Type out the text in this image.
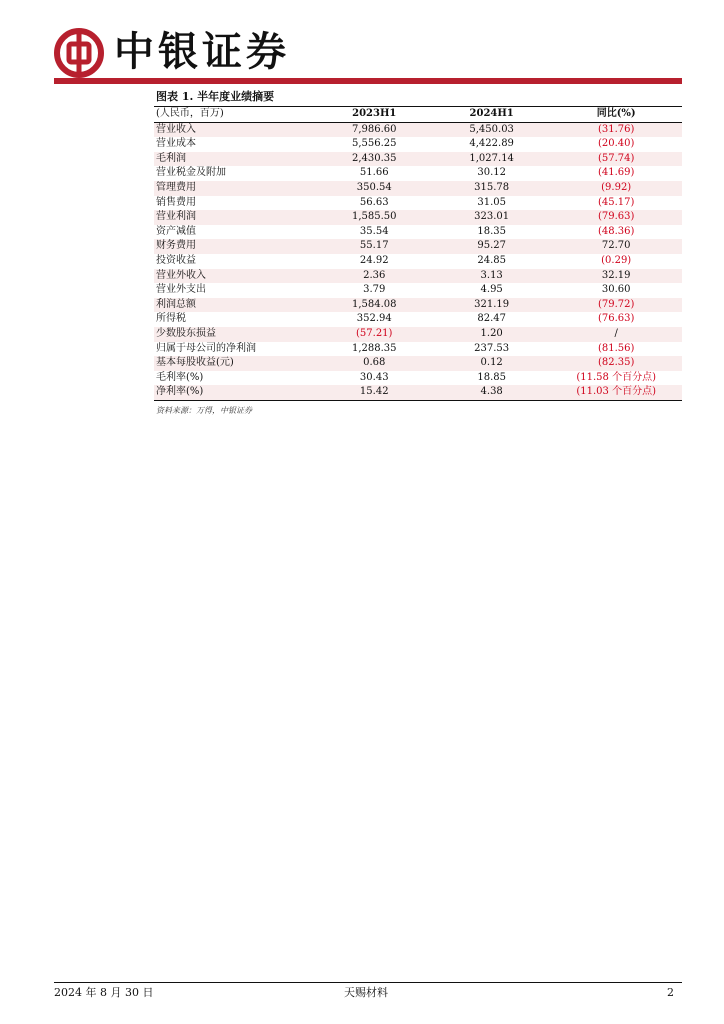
中银证券
图表 1. 半年度业绩摘要
(人民币，百万)	2023H1	2024H1	同比(%)
营业收入	7,986.60	5,450.03	(31.76)
营业成本	5,556.25	4,422.89	(20.40)
毛利润	2,430.35	1,027.14	(57.74)
营业税金及附加	51.66	30.12	(41.69)
管理费用	350.54	315.78	(9.92)
销售费用	56.63	31.05	(45.17)
营业利润	1,585.50	323.01	(79.63)
资产减值	35.54	18.35	(48.36)
财务费用	55.17	95.27	72.70
投资收益	24.92	24.85	(0.29)
营业外收入	2.36	3.13	32.19
营业外支出	3.79	4.95	30.60
利润总额	1,584.08	321.19	(79.72)
所得税	352.94	82.47	(76.63)
少数股东损益	(57.21)	1.20	/
归属于母公司的净利润	1,288.35	237.53	(81.56)
基本每股收益(元)	0.68	0.12	(82.35)
毛利率(%)	30.43	18.85	(11.58 个百分点)
净利率(%)	15.42	4.38	(11.03 个百分点)
资料来源：万得，中银证券
2024 年 8 月 30 日	天赐材料	2
